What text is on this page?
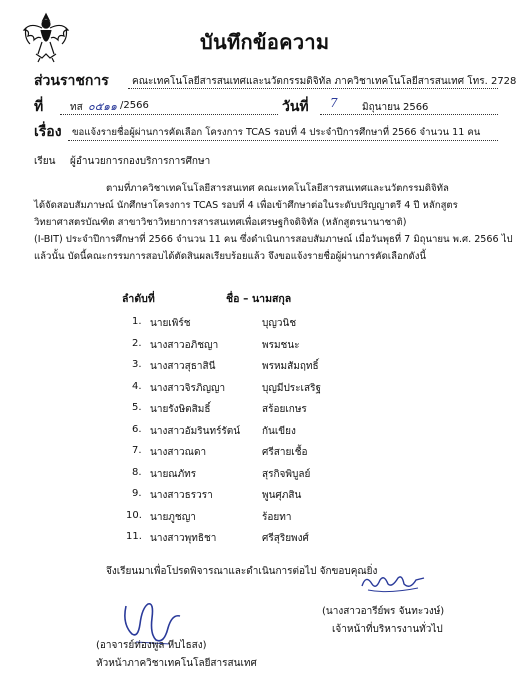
บันทึกข้อความ
ส่วนราชการ คณะเทคโนโลยีสารสนเทศและนวัตกรรมดิจิทัล ภาควิชาเทคโนโลยีสารสนเทศ โทร. 2728
ที่	ทส ๐๕๑๑ /2566	วันที่ 7 มิถุนายน 2566
เรื่อง ขอแจ้งรายชื่อผู้ผ่านการคัดเลือก โครงการ TCAS รอบที่ 4 ประจำปีการศึกษาที่ 2566 จำนวน 11 คน
เรียน ผู้อำนวยการกองบริการการศึกษา
ตามที่ภาควิชาเทคโนโลยีสารสนเทศ คณะเทคโนโลยีสารสนเทศและนวัตกรรมดิจิทัล
ได้จัดสอบสัมภาษณ์ นักศึกษาโครงการ TCAS รอบที่ 4 เพื่อเข้าศึกษาต่อในระดับปริญญาตรี 4 ปี หลักสูตร
วิทยาศาสตรบัณฑิต สาขาวิชาวิทยาการสารสนเทศเพื่อเศรษฐกิจดิจิทัล (หลักสูตรนานาชาติ)
(I-BIT) ประจำปีการศึกษาที่ 2566 จำนวน 11 คน ซึ่งดำเนินการสอบสัมภาษณ์ เมื่อวันพุธที่ 7 มิถุนายน พ.ศ. 2566 ไป
แล้วนั้น บัดนี้คณะกรรมการสอบได้ตัดสินผลเรียบร้อยแล้ว จึงขอแจ้งรายชื่อผู้ผ่านการคัดเลือกดังนี้
ลำดับที่	ชื่อ – นามสกุล
1. นายเพิร์ช	บุญวนิช
2. นางสาวอภิชญา	พรมชนะ
3. นางสาวสุธาสินี	พรหมสัมฤทธิ์
4. นางสาวจิรภิญญา	บุญมีประเสริฐ
5. นายรังษิตสิมธิ์	สร้อยเกษร
6. นางสาวอัมรินทร์รัตน์ กันเขียง
7. นางสาวณดา	ศรีสายเชื้อ
8. นายณภัทร	สุรกิจพิบูลย์
9. นางสาวธรวรา	พูนศุภสิน
10. นายภูชญา	ร้อยทา
11. นางสาวพุทธิชา	ศรีสุริยพงศ์
จึงเรียนมาเพื่อโปรดพิจารณาและดำเนินการต่อไป จักขอบคุณยิ่ง
(นางสาวอารีย์พร จันทะวงษ์)
เจ้าหน้าที่บริหารงานทั่วไป
(อาจารย์ท่องพูล หีบไธสง)
หัวหน้าภาควิชาเทคโนโลยีสารสนเทศ
